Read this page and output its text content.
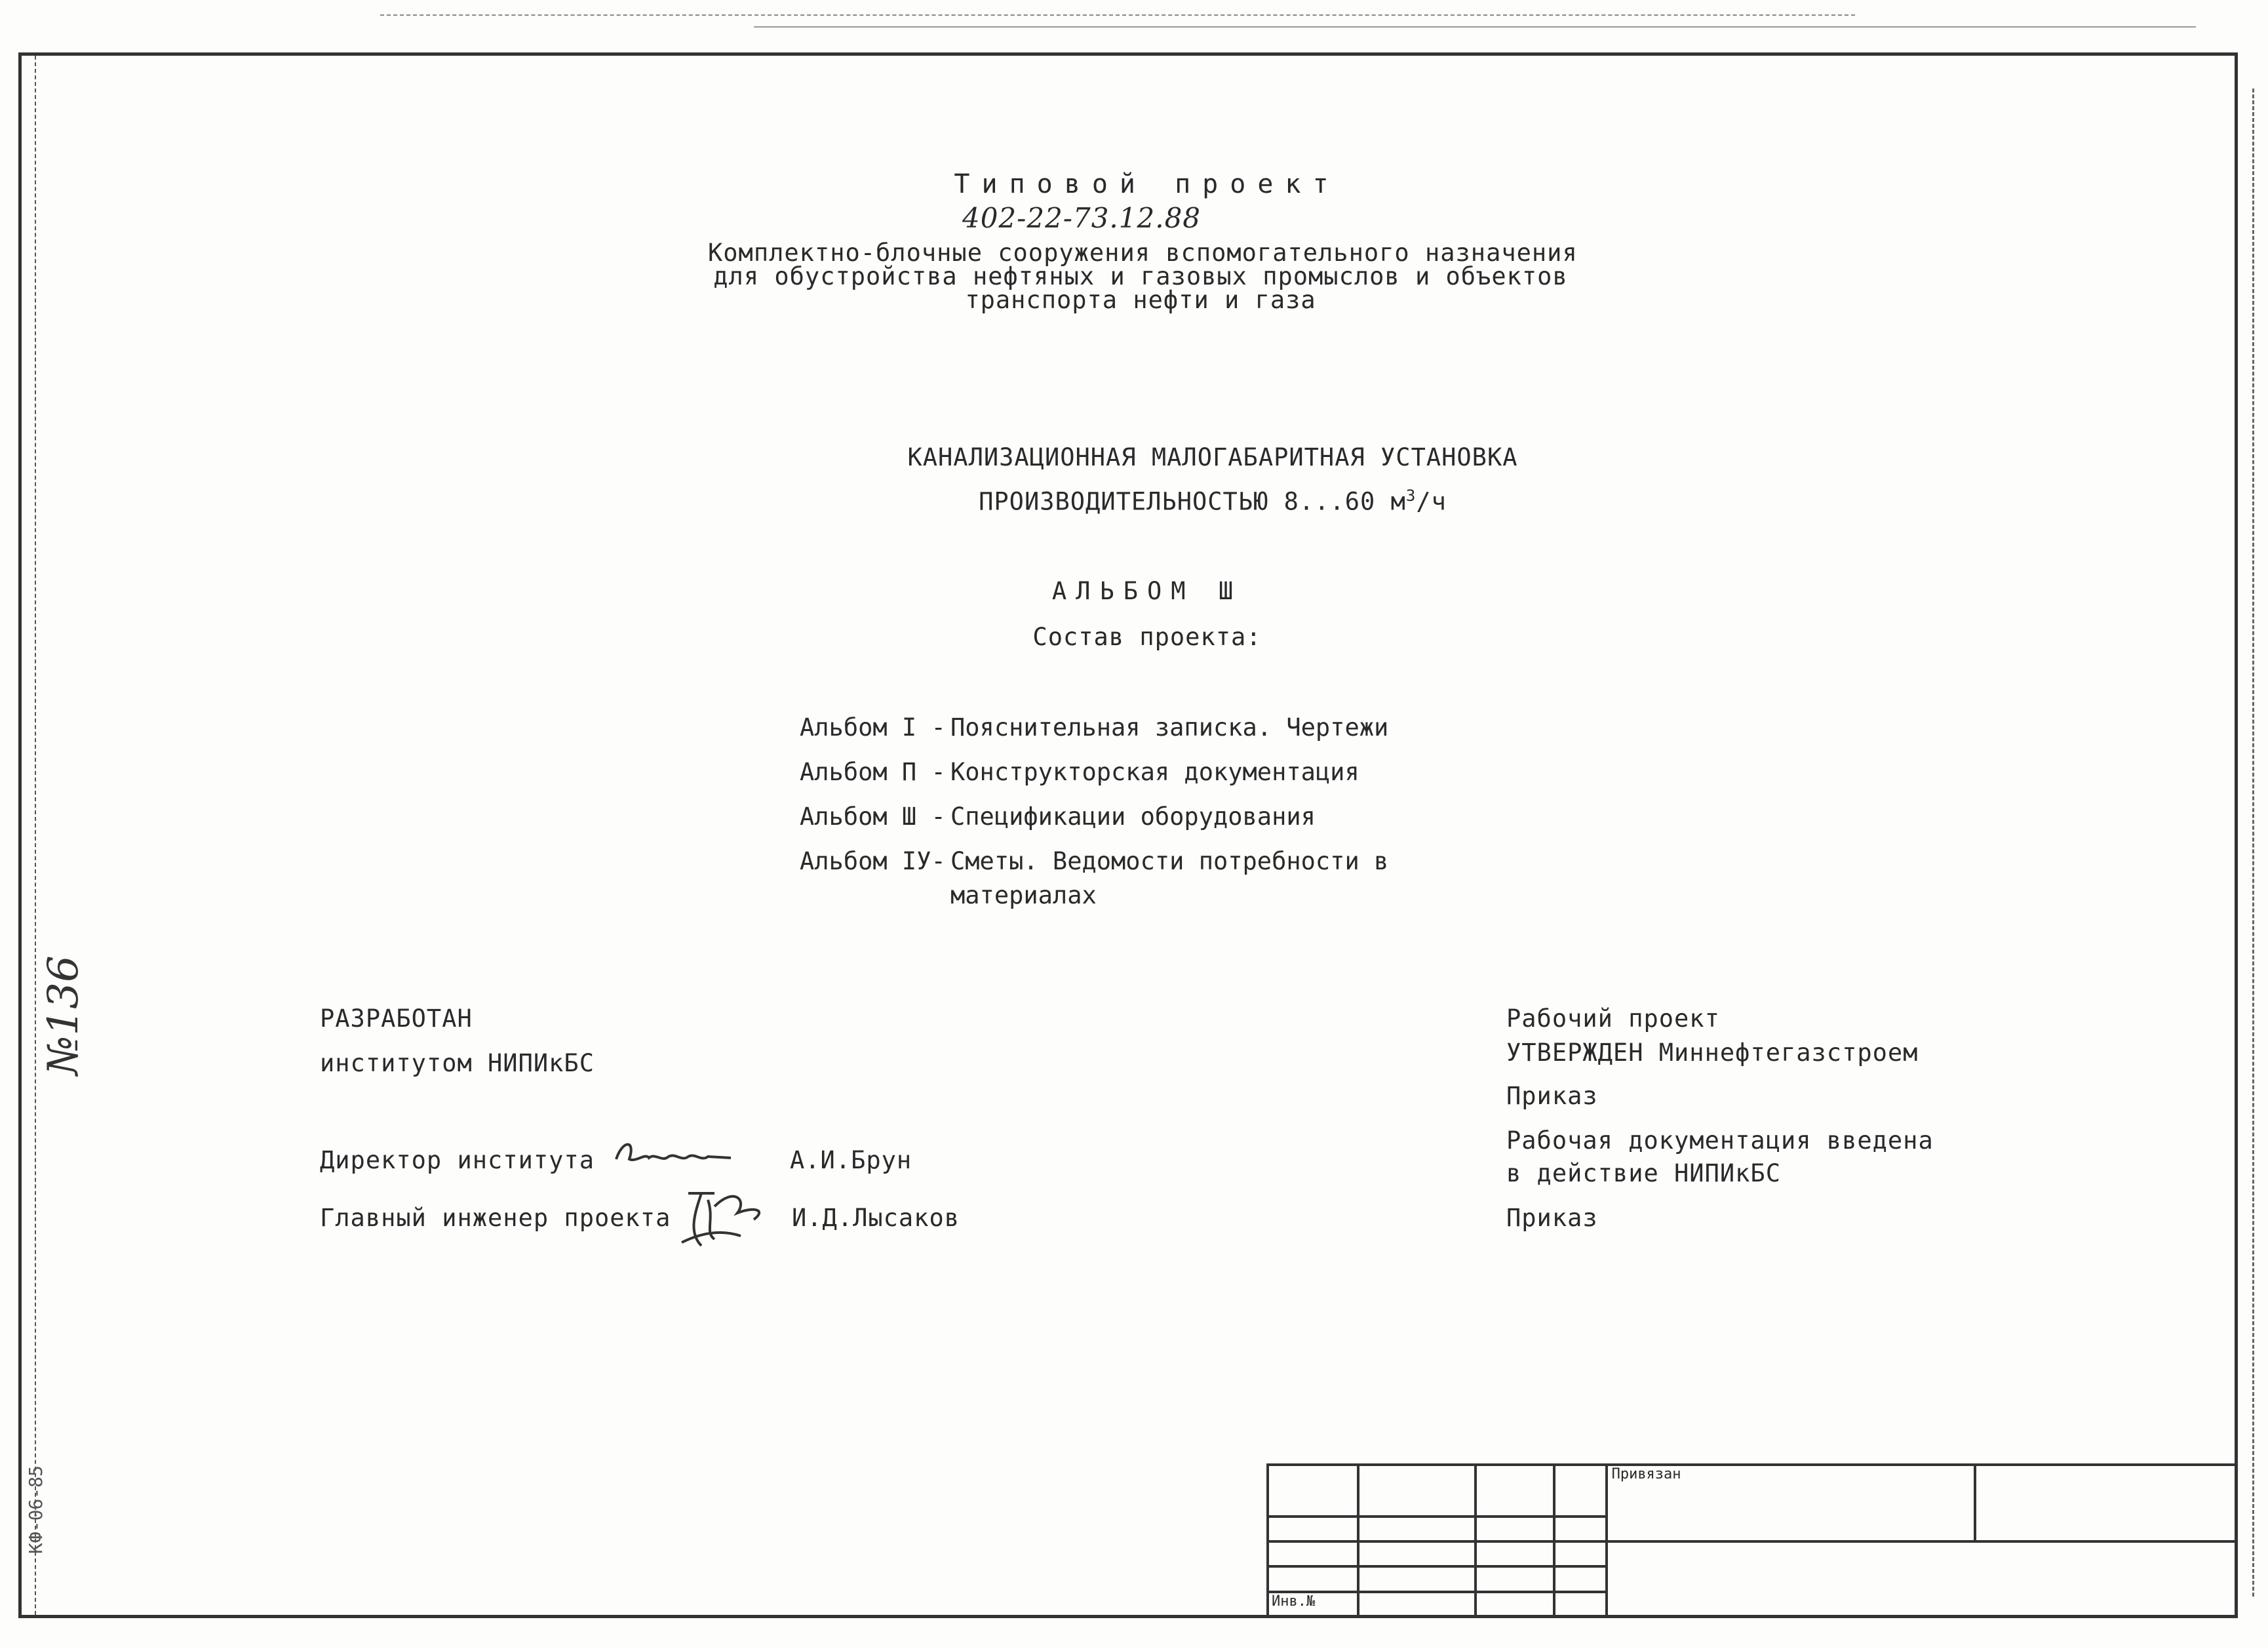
№136
КФ-06-85
Типовой проект
402-22-73.12.88
Комплектно-блочные сооружения вспомогательного назначения
для обустройства нефтяных и газовых промыслов и объектов
транспорта нефти и газа
КАНАЛИЗАЦИОННАЯ МАЛОГАБАРИТНАЯ УСТАНОВКА
ПРОИЗВОДИТЕЛЬНОСТЬЮ 8...60 $м^3/ч$
АЛЬБОМ Ш
Состав проекта:
Альбом I - Пояснительная записка. Чертежи
Альбом П - Конструкторская документация
Альбом Ш - Спецификации оборудования
Альбом IУ- Сметы. Ведомости потребности в
материалах
РАЗРАБОТАН
институтом НИПИкБС
Директор института	А.И.Брун
Главный инженер проекта	И.Д.Лысаков
Рабочий проект
УТВЕРЖДЕН Миннефтегазстроем
Приказ
Рабочая документация введена
в действие НИПИкБС
Приказ
				Привязан	

Инв.№					
